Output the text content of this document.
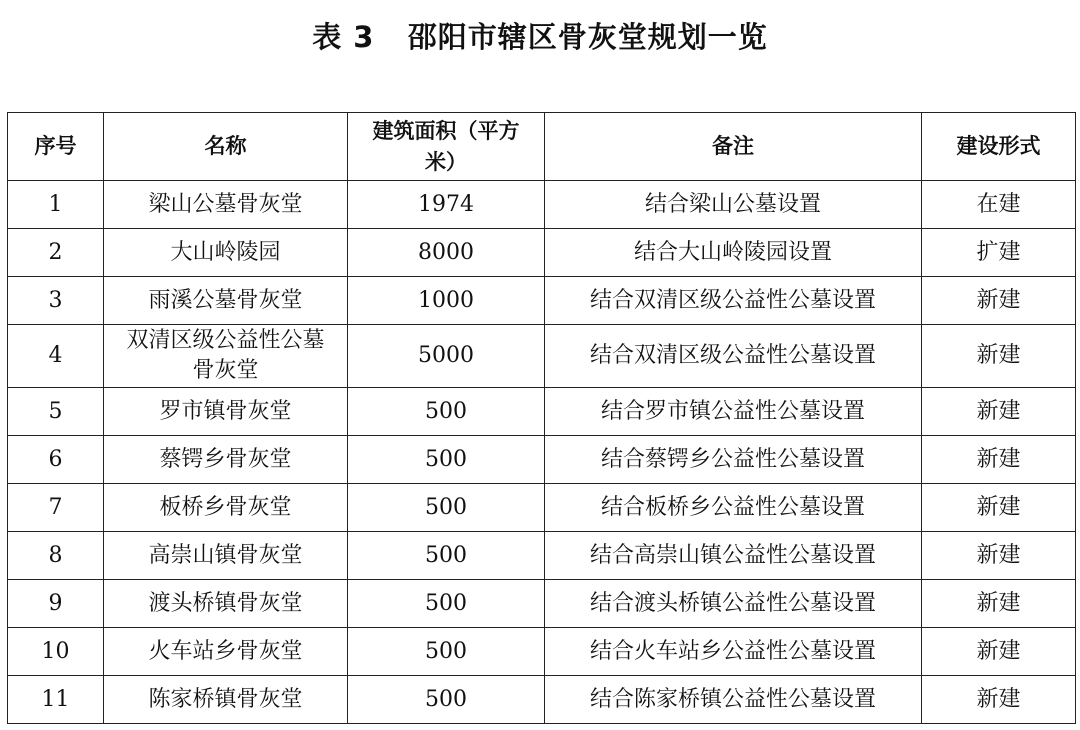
表 3   邵阳市辖区骨灰堂规划一览
序号	名称	建筑面积（平方米）	备注	建设形式
1	梁山公墓骨灰堂	1974	结合梁山公墓设置	在建
2	大山岭陵园	8000	结合大山岭陵园设置	扩建
3	雨溪公墓骨灰堂	1000	结合双清区级公益性公墓设置	新建
4	双清区级公益性公墓骨灰堂	5000	结合双清区级公益性公墓设置	新建
5	罗市镇骨灰堂	500	结合罗市镇公益性公墓设置	新建
6	蔡锷乡骨灰堂	500	结合蔡锷乡公益性公墓设置	新建
7	板桥乡骨灰堂	500	结合板桥乡公益性公墓设置	新建
8	高崇山镇骨灰堂	500	结合高崇山镇公益性公墓设置	新建
9	渡头桥镇骨灰堂	500	结合渡头桥镇公益性公墓设置	新建
10	火车站乡骨灰堂	500	结合火车站乡公益性公墓设置	新建
11	陈家桥镇骨灰堂	500	结合陈家桥镇公益性公墓设置	新建
